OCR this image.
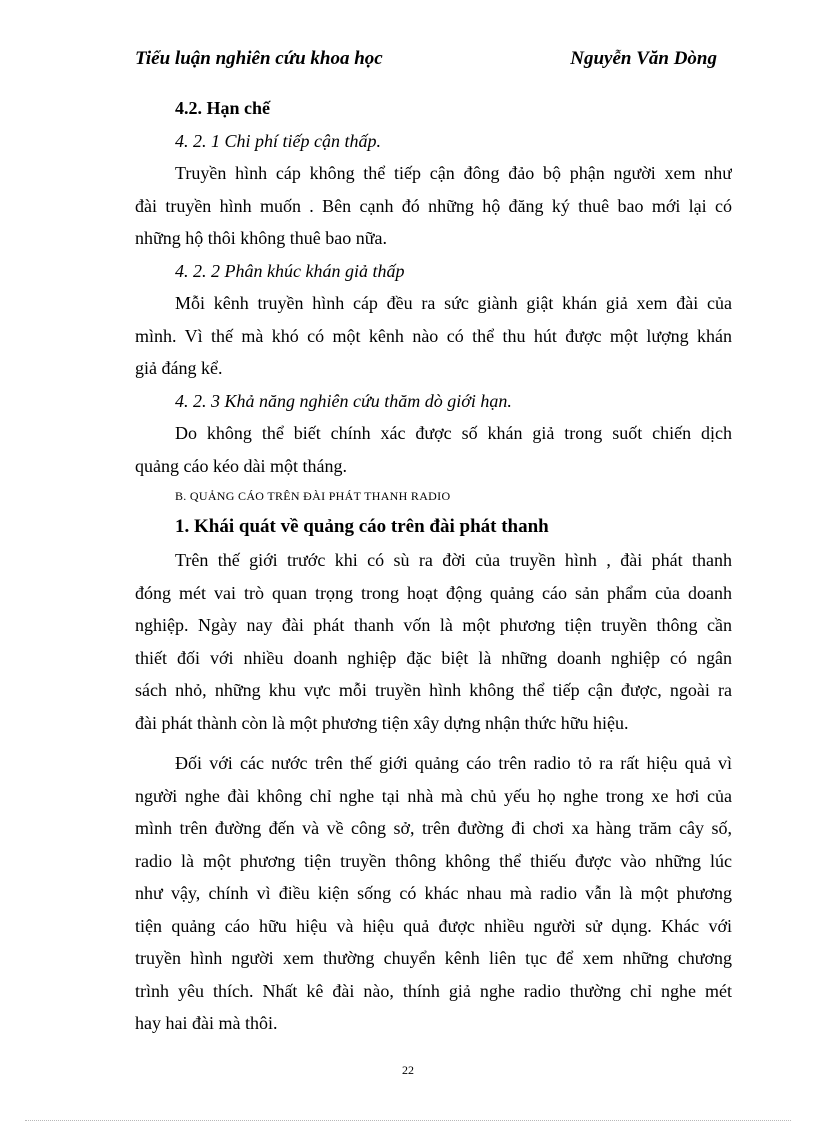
Tiểu luận nghiên cứu khoa học	Nguyễn Văn Dòng
4.2. Hạn chế
4. 2. 1 Chi phí tiếp cận thấp.
Truyền hình cáp không thể tiếp cận đông đảo bộ phận người xem như
đài truyền hình muốn . Bên cạnh đó những hộ đăng ký thuê bao mới lại có
những hộ thôi không thuê bao nữa.
4. 2. 2 Phân khúc khán giả thấp
Mỗi kênh truyền hình cáp đều ra sức giành giật khán giả xem đài của
mình. Vì thế mà khó có một kênh nào có thể thu hút được một lượng khán
giả đáng kể.
4. 2. 3 Khả năng nghiên cứu thăm dò giới hạn.
Do không thể biết chính xác được số khán giả trong suốt chiến dịch
quảng cáo kéo dài một tháng.
B. QUẢNG CÁO TRÊN ĐÀI PHÁT THANH RADIO
1. Khái quát về quảng cáo trên đài phát thanh
Trên thế giới trước khi có sù ra đời của truyền hình , đài phát thanh
đóng mét vai trò quan trọng trong hoạt động quảng cáo sản phẩm của doanh
nghiệp. Ngày nay đài phát thanh vốn là một phương tiện truyền thông cần
thiết đối với nhiều doanh nghiệp đặc biệt là những doanh nghiệp có ngân
sách nhỏ, những khu vực mỗi truyền hình không thể tiếp cận được, ngoài ra
đài phát thành còn là một phương tiện xây dựng nhận thức hữu hiệu.
Đối với các nước trên thế giới quảng cáo trên radio tỏ ra rất hiệu quả vì
người nghe đài không chỉ nghe tại nhà mà chủ yếu họ nghe trong xe hơi của
mình trên đường đến và về công sở, trên đường đi chơi xa hàng trăm cây số,
radio là một phương tiện truyền thông không thể thiếu được vào những lúc
như vậy, chính vì điều kiện sống có khác nhau mà radio vẫn là một phương
tiện quảng cáo hữu hiệu và hiệu quả được nhiều người sử dụng. Khác với
truyền hình người xem thường chuyển kênh liên tục để xem những chương
trình yêu thích. Nhất kê đài nào, thính giả nghe radio thường chỉ nghe mét
hay hai đài mà thôi.
22
